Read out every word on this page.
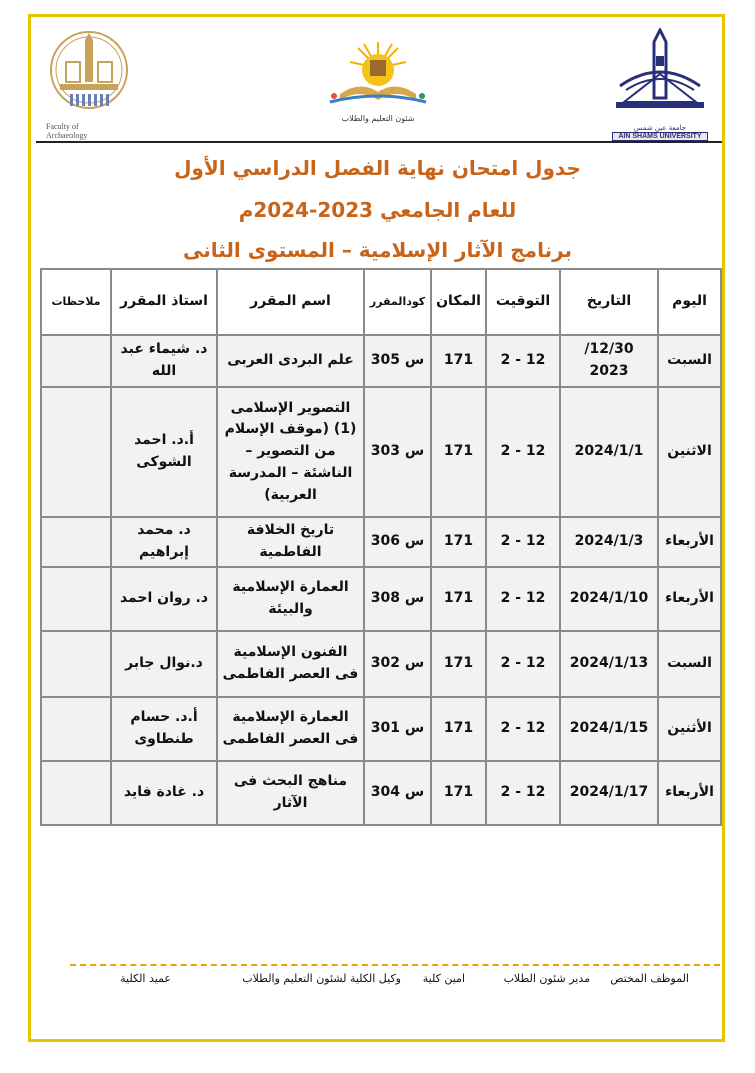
Faculty of
Archaeology
شئون التعليم والطلاب
جامعة عين شمس
AIN SHAMS UNIVERSITY
جدول امتحان نهاية الفصل الدراسي الأول
للعام الجامعي 2023-2024م
برنامج الآثار الإسلامية – المستوى الثانى
اليوم	التاريخ	التوقيت	المكان	كودالمقرر	اسم المقرر	استاذ المقرر	ملاحظات
السبت	12/30/ 2023	12 - 2	171	س 305	علم البردى العربى	د. شيماء عبد الله	
الاثنين	2024/1/1	12 - 2	171	س 303	التصوير الإسلامى (1) (موقف الإسلام من التصوير – الناشئة – المدرسة العربية)	أ.د. احمد الشوكى	
الأربعاء	2024/1/3	12 - 2	171	س 306	تاريخ الخلافة الفاطمية	د. محمد إبراهيم	
الأربعاء	2024/1/10	12 - 2	171	س 308	العمارة الإسلامية والبيئة	د. روان احمد	
السبت	2024/1/13	12 - 2	171	س 302	الفنون الإسلامية فى العصر الفاطمى	د.نوال جابر	
الأثنين	2024/1/15	12 - 2	171	س 301	العمارة الإسلامية فى العصر الفاطمى	أ.د. حسام طنطاوى	
الأربعاء	2024/1/17	12 - 2	171	س 304	مناهج البحث فى الآثار	د. غادة فايد	
الموظف المختص
مدير شئون الطلاب
امين كلية
وكيل الكلية لشئون التعليم والطلاب
عميد الكلية
